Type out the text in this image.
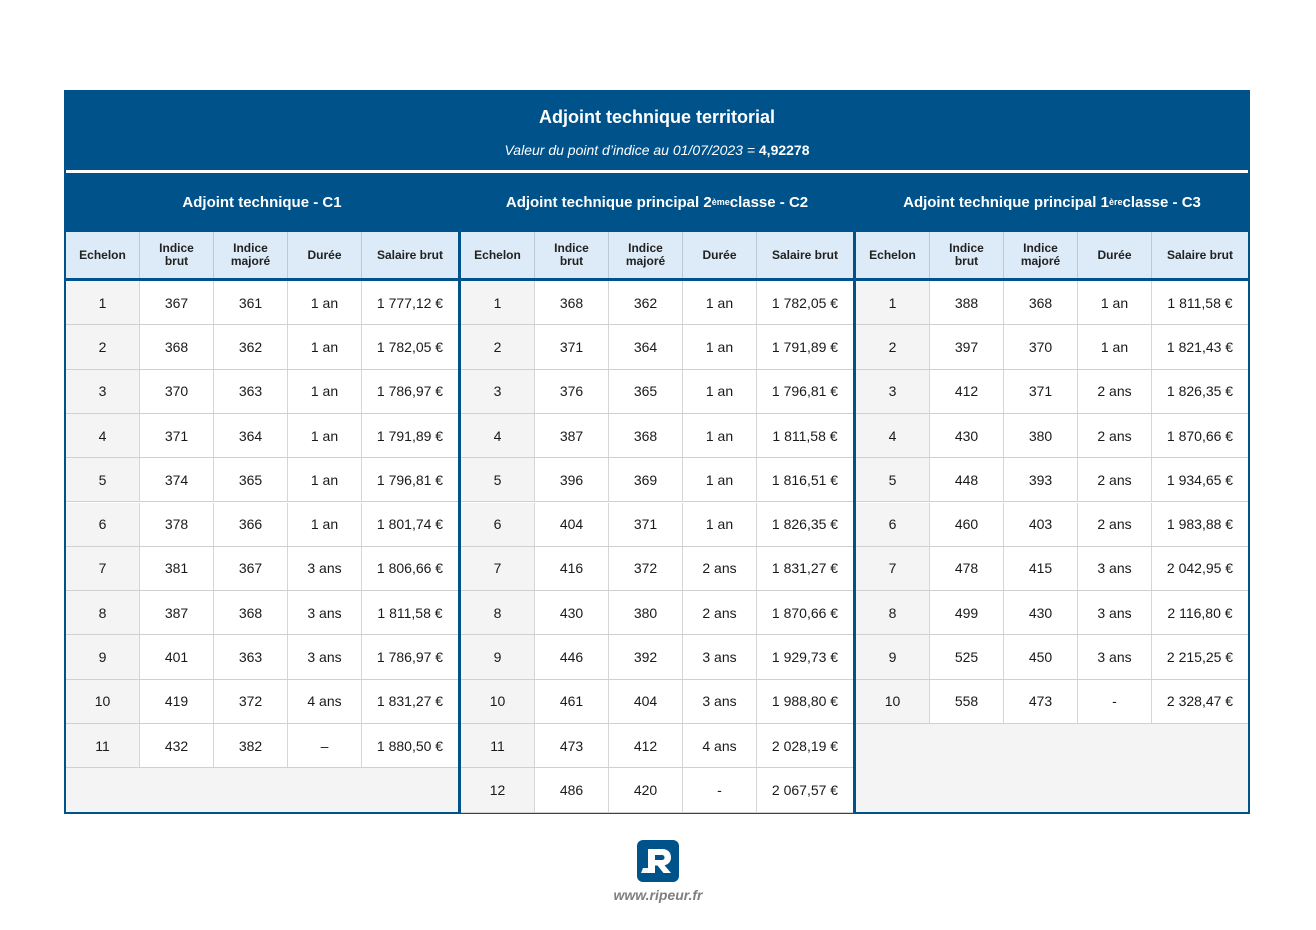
Adjoint technique territorial
Valeur du point d’indice au 01/07/2023 = 4,92278
Adjoint technique - C1
Echelon	Indice
brut
Indice
majoré	Durée	Salaire brut
1	367	361	1 an	1 777,12 €
2	368	362	1 an	1 782,05 €
3	370	363	1 an	1 786,97 €
4	371	364	1 an	1 791,89 €
5	374	365	1 an	1 796,81 €
6	378	366	1 an	1 801,74 €
7	381	367	3 ans	1 806,66 €
8	387	368	3 ans	1 811,58 €
9	401	363	3 ans	1 786,97 €
10	419	372	4 ans	1 831,27 €
11	432	382	–	1 880,50 €
Adjoint technique principal 2 ème classe - C2
Echelon	Indice
brut
Indice
majoré	Durée	Salaire brut
1	368	362	1 an	1 782,05 €
2	371	364	1 an	1 791,89 €
3	376	365	1 an	1 796,81 €
4	387	368	1 an	1 811,58 €
5	396	369	1 an	1 816,51 €
6	404	371	1 an	1 826,35 €
7	416	372	2 ans	1 831,27 €
8	430	380	2 ans	1 870,66 €
9	446	392	3 ans	1 929,73 €
10	461	404	3 ans	1 988,80 €
11	473	412	4 ans	2 028,19 €
12	486	420	-	2 067,57 €
Adjoint technique principal 1 ère classe - C3
Echelon	Indice
brut
Indice
majoré	Durée	Salaire brut
1	388	368	1 an	1 811,58 €
2	397	370	1 an	1 821,43 €
3	412	371	2 ans	1 826,35 €
4	430	380	2 ans	1 870,66 €
5	448	393	2 ans	1 934,65 €
6	460	403	2 ans	1 983,88 €
7	478	415	3 ans	2 042,95 €
8	499	430	3 ans	2 116,80 €
9	525	450	3 ans	2 215,25 €
10	558	473	-	2 328,47 €
www.ripeur.fr
